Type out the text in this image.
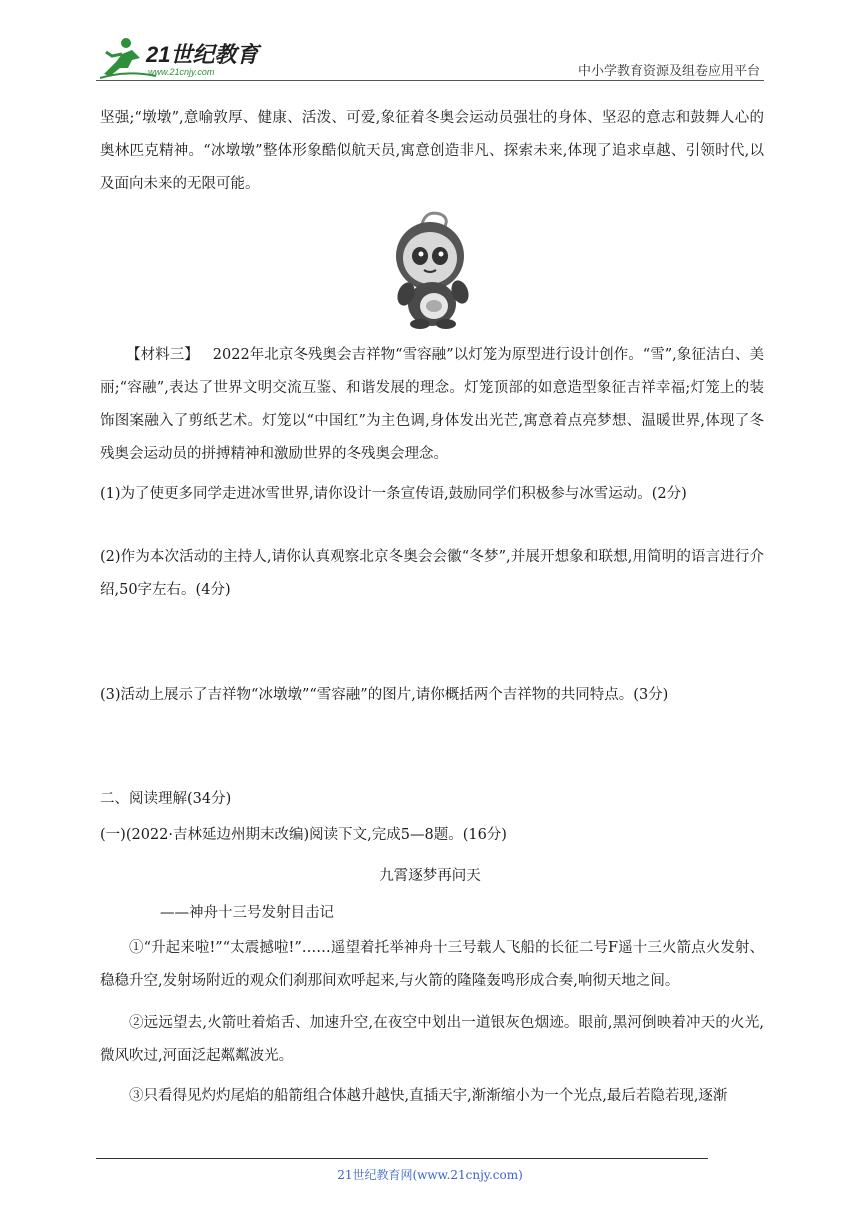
21世纪教育
www.21cnjy.com	中小学教育资源及组卷应用平台
坚强;“墩墩”,意喻敦厚、健康、活泼、可爱,象征着冬奥会运动员强壮的身体、坚忍的意志和鼓舞人心的奥林匹克精神。“冰墩墩”整体形象酷似航天员,寓意创造非凡、探索未来,体现了追求卓越、引领时代,以及面向未来的无限可能。
【材料三】 2022年北京冬残奥会吉祥物“雪容融”以灯笼为原型进行设计创作。“雪”,象征洁白、美丽;“容融”,表达了世界文明交流互鉴、和谐发展的理念。灯笼顶部的如意造型象征吉祥幸福;灯笼上的装饰图案融入了剪纸艺术。灯笼以“中国红”为主色调,身体发出光芒,寓意着点亮梦想、温暖世界,体现了冬残奥会运动员的拼搏精神和激励世界的冬残奥会理念。
(1)为了使更多同学走进冰雪世界,请你设计一条宣传语,鼓励同学们积极参与冰雪运动。(2分)
(2)作为本次活动的主持人,请你认真观察北京冬奥会会徽“冬梦”,并展开想象和联想,用简明的语言进行介绍,50字左右。(4分)
(3)活动上展示了吉祥物“冰墩墩”“雪容融”的图片,请你概括两个吉祥物的共同特点。(3分)
二、阅读理解(34分)
(一)(2022·吉林延边州期末改编)阅读下文,完成5—8题。(16分)
九霄逐梦再问天
——神舟十三号发射目击记
①“升起来啦!”“太震撼啦!”……遥望着托举神舟十三号载人飞船的长征二号F遥十三火箭点火发射、稳稳升空,发射场附近的观众们刹那间欢呼起来,与火箭的隆隆轰鸣形成合奏,响彻天地之间。
②远远望去,火箭吐着焰舌、加速升空,在夜空中划出一道银灰色烟迹。眼前,黑河倒映着冲天的火光,微风吹过,河面泛起粼粼波光。
③只看得见灼灼尾焰的船箭组合体越升越快,直插天宇,渐渐缩小为一个光点,最后若隐若现,逐渐
21世纪教育网(www.21cnjy.com)
